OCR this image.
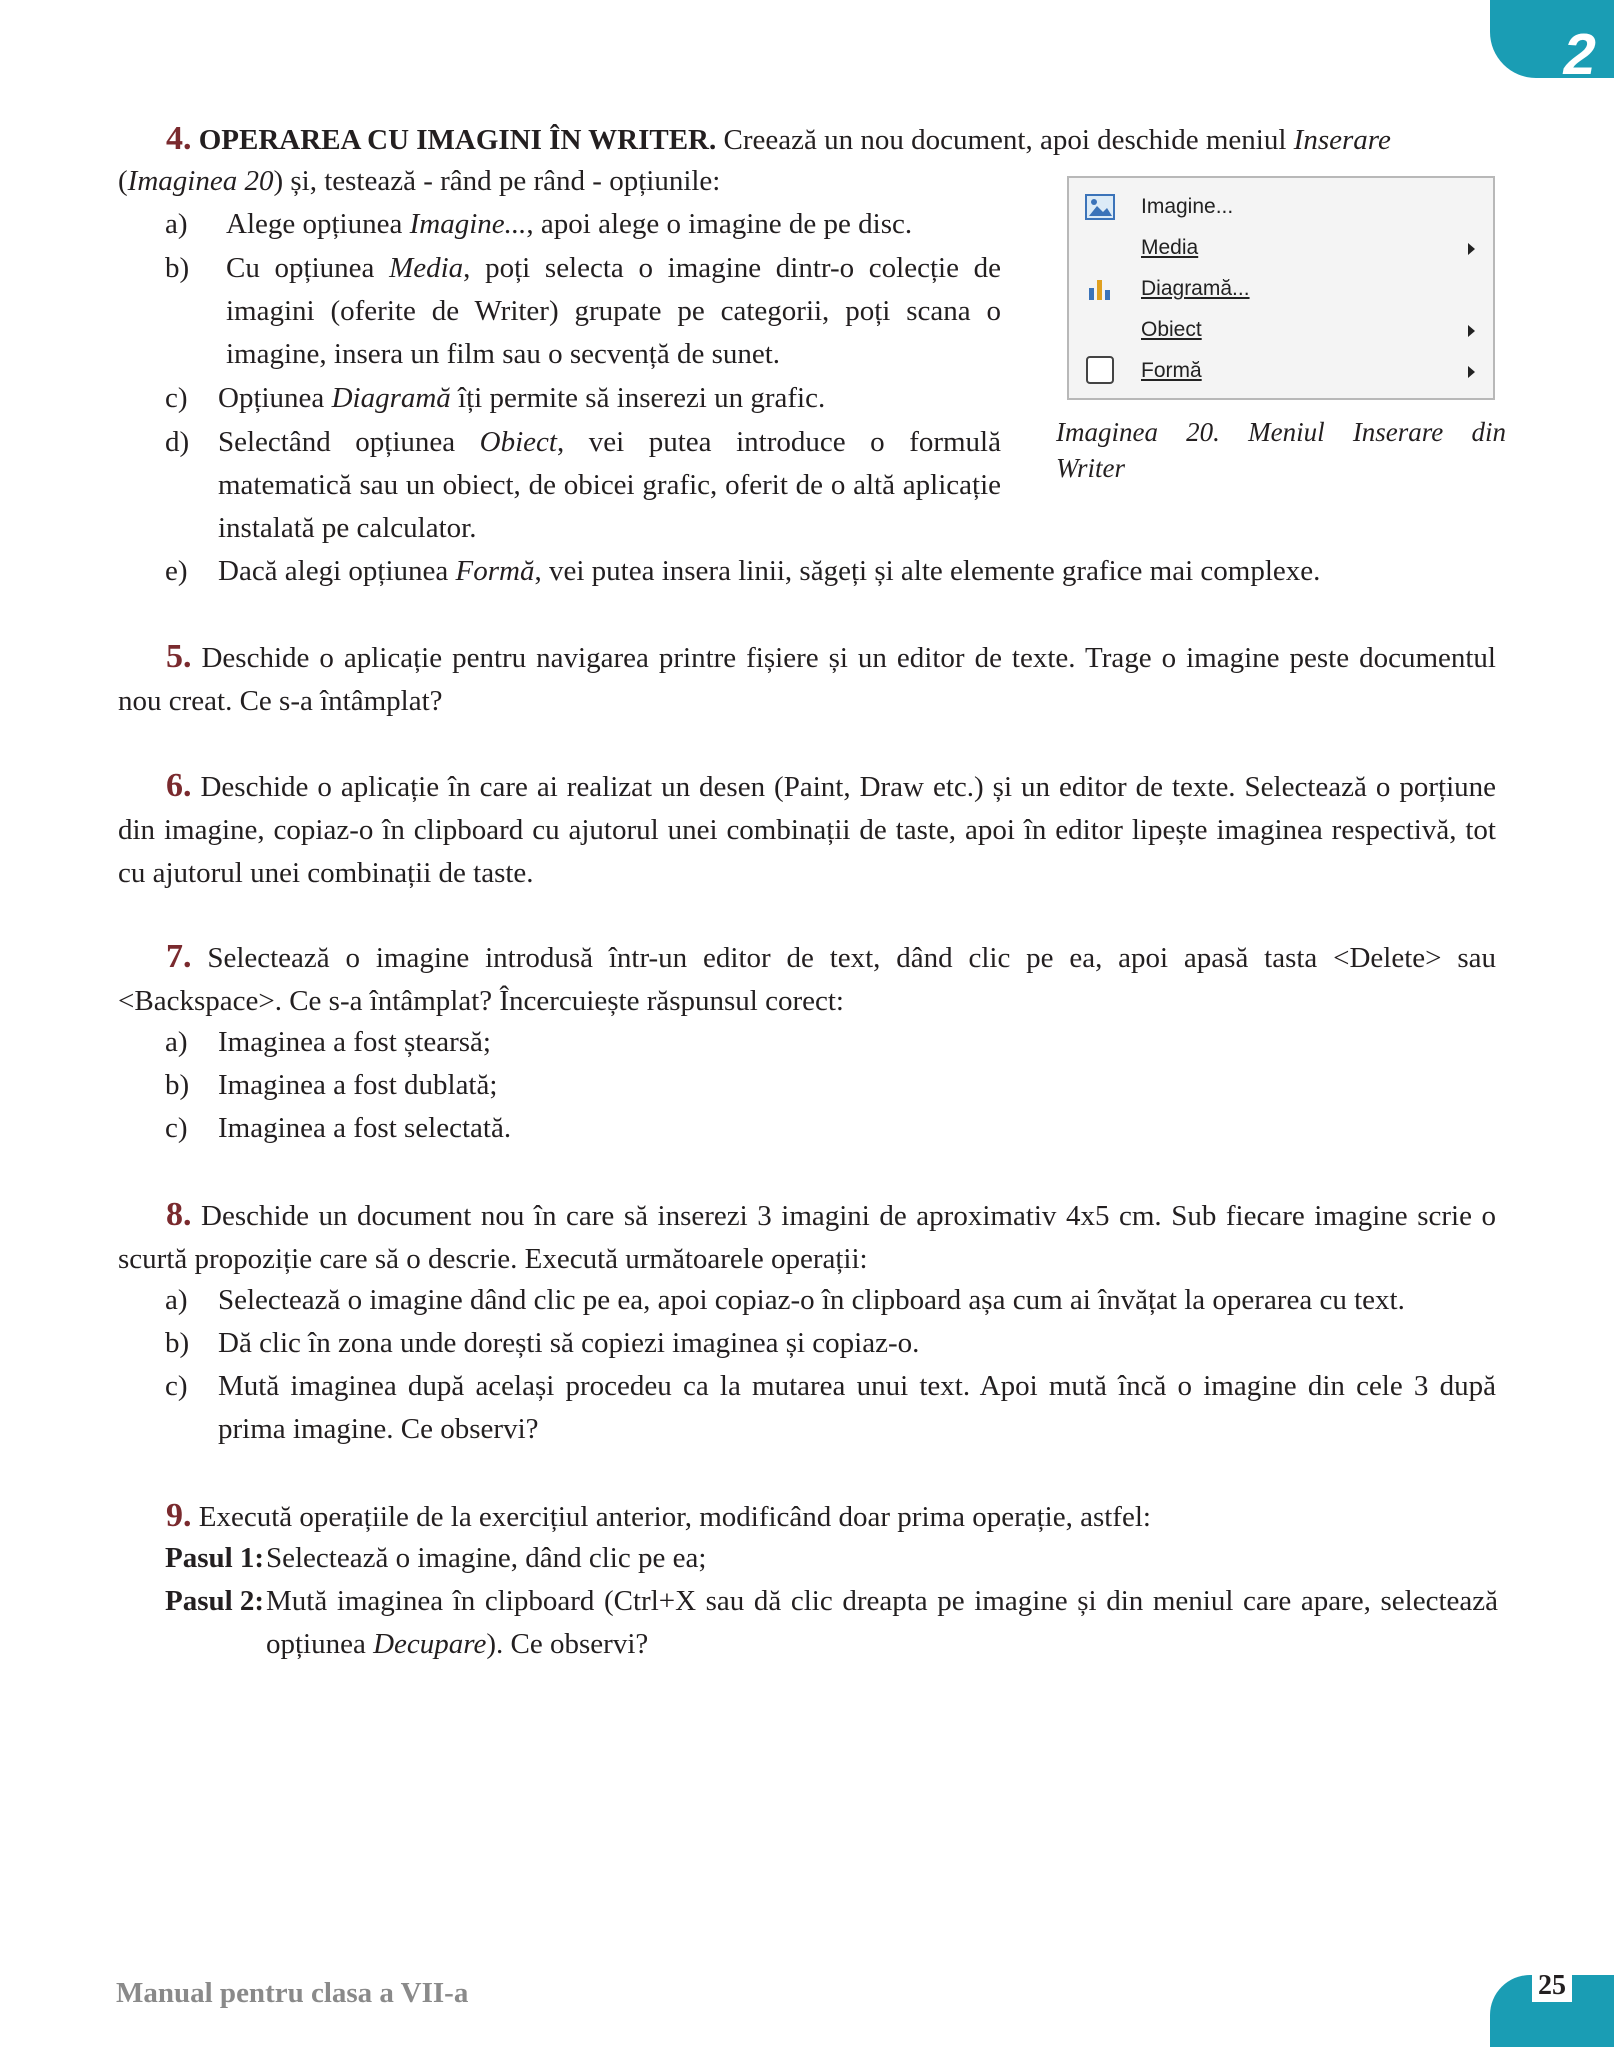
2

4. OPERAREA CU IMAGINI ÎN WRITER. Creează un nou document, apoi deschide meniul Inserare

(Imaginea 20) și, testează - rând pe rând - opțiunile:

a) Alege opțiunea Imagine..., apoi alege o imagine de pe disc.

b) Cu opțiunea Media, poți selecta o imagine dintr-o colecție de imagini (oferite de Writer) grupate pe categorii, poți scana o imagine, insera un film sau o secvență de sunet.

c) Opțiunea Diagramă îți permite să inserezi un grafic.

d) Selectând opțiunea Obiect, vei putea introduce o formulă matematică sau un obiect, de obicei grafic, oferit de o altă aplicație instalată pe calculator.

e) Dacă alegi opțiunea Formă, vei putea insera linii, săgeți și alte elemente grafice mai complexe.

Imagine...
Media
Diagramă...
Obiect
Formă
Imaginea 20. Meniul Inserare din
Writer

5. Deschide o aplicație pentru navigarea printre fișiere și un editor de texte. Trage o imagine peste documentul nou creat. Ce s-a întâmplat?

6. Deschide o aplicație în care ai realizat un desen (Paint, Draw etc.) și un editor de texte. Selectează o porțiune din imagine, copiaz-o în clipboard cu ajutorul unei combinații de taste, apoi în editor lipește imaginea respectivă, tot cu ajutorul unei combinații de taste.

7. Selectează o imagine introdusă într-un editor de text, dând clic pe ea, apoi apasă tasta <Delete> sau <Backspace>. Ce s-a întâmplat? Încercuiește răspunsul corect:

a) Imaginea a fost ștearsă;
b) Imaginea a fost dublată;
c) Imaginea a fost selectată.

8. Deschide un document nou în care să inserezi 3 imagini de aproximativ 4x5 cm. Sub fiecare imagine scrie o scurtă propoziție care să o descrie. Execută următoarele operații:

a) Selectează o imagine dând clic pe ea, apoi copiaz-o în clipboard așa cum ai învățat la operarea cu text.

b) Dă clic în zona unde dorești să copiezi imaginea și copiaz-o.

c) Mută imaginea după același procedeu ca la mutarea unui text. Apoi mută încă o imagine din cele 3 după prima imagine. Ce observi?

9. Execută operațiile de la exercițiul anterior, modificând doar prima operație, astfel:

Pasul 1: Selectează o imagine, dând clic pe ea;
Pasul 2: Mută imaginea în clipboard (Ctrl+X sau dă clic dreapta pe imagine și din meniul care apare, selectează opțiunea Decupare). Ce observi?

Manual pentru clasa a VII-a	25
